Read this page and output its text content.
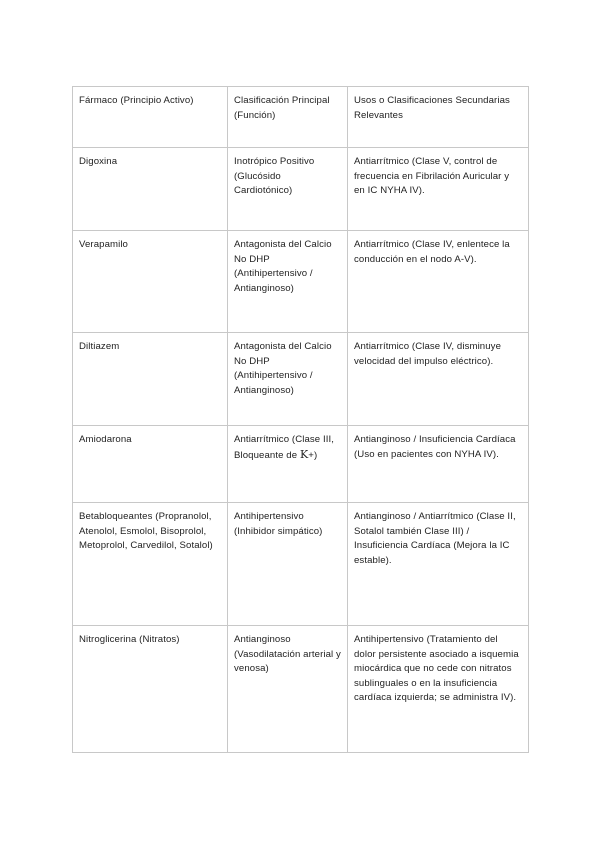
Fármaco (Principio Activo)	Clasificación Principal (Función)	Usos o Clasificaciones Secundarias Relevantes
Digoxina	Inotrópico Positivo (Glucósido Cardiotónico)	Antiarrítmico (Clase V, control de frecuencia en Fibrilación Auricular y en IC NYHA IV).
Verapamilo	Antagonista del Calcio No DHP (Antihipertensivo / Antianginoso)	Antiarrítmico (Clase IV, enlentece la conducción en el nodo A-V).
Diltiazem	Antagonista del Calcio No DHP (Antihipertensivo / Antianginoso)	Antiarrítmico (Clase IV, disminuye velocidad del impulso eléctrico).
Amiodarona	Antiarrítmico (Clase III, Bloqueante de K+)	Antianginoso / Insuficiencia Cardíaca (Uso en pacientes con NYHA IV).
Betabloqueantes (Propranolol, Atenolol, Esmolol, Bisoprolol, Metoprolol, Carvedilol, Sotalol)	Antihipertensivo (Inhibidor simpático)	Antianginoso / Antiarrítmico (Clase II, Sotalol también Clase III) / Insuficiencia Cardíaca (Mejora la IC estable).
Nitroglicerina (Nitratos)	Antianginoso (Vasodilatación arterial y venosa)	Antihipertensivo (Tratamiento del dolor persistente asociado a isquemia miocárdica que no cede con nitratos sublinguales o en la insuficiencia cardíaca izquierda; se administra IV).
